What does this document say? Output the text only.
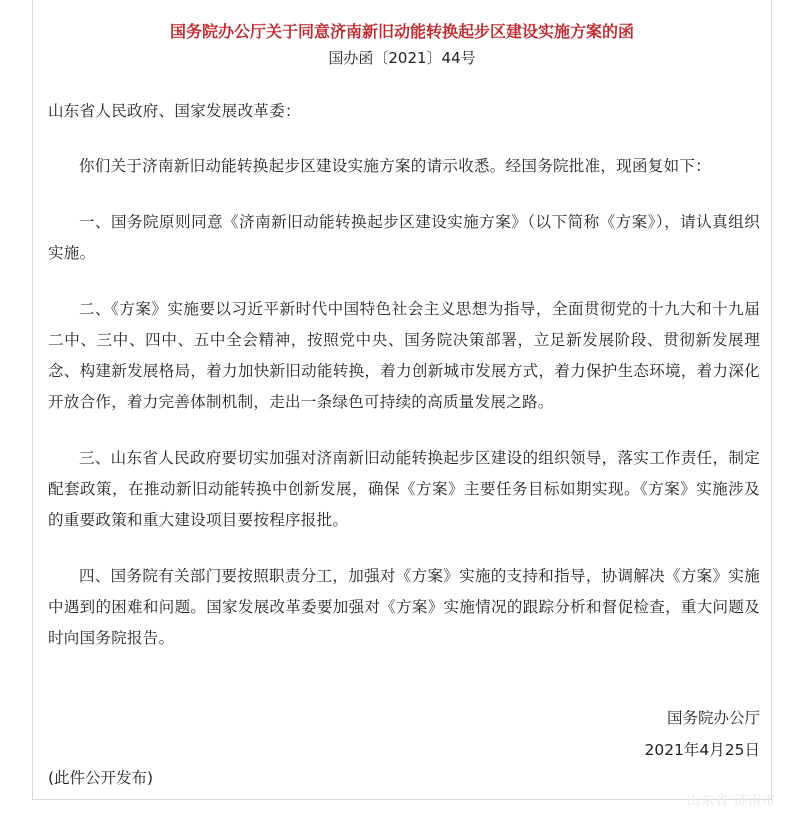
国务院办公厅关于同意济南新旧动能转换起步区建设实施方案的函
国办函〔2021〕44号

山东省人民政府、国家发展改革委：

你们关于济南新旧动能转换起步区建设实施方案的请示收悉。经国务院批准，现函复如下：

一、国务院原则同意《济南新旧动能转换起步区建设实施方案》（以下简称《方案》），请认真组织实施。

二、《方案》实施要以习近平新时代中国特色社会主义思想为指导，全面贯彻党的十九大和十九届二中、三中、四中、五中全会精神，按照党中央、国务院决策部署，立足新发展阶段、贯彻新发展理念、构建新发展格局，着力加快新旧动能转换，着力创新城市发展方式，着力保护生态环境，着力深化开放合作，着力完善体制机制，走出一条绿色可持续的高质量发展之路。

三、山东省人民政府要切实加强对济南新旧动能转换起步区建设的组织领导，落实工作责任，制定配套政策，在推动新旧动能转换中创新发展，确保《方案》主要任务目标如期实现。《方案》实施涉及的重要政策和重大建设项目要按程序报批。

四、国务院有关部门要按照职责分工，加强对《方案》实施的支持和指导，协调解决《方案》实施中遇到的困难和问题。国家发展改革委要加强对《方案》实施情况的跟踪分析和督促检查，重大问题及时向国务院报告。

国务院办公厅
2021年4月25日
(此件公开发布)
山东省 济南市
